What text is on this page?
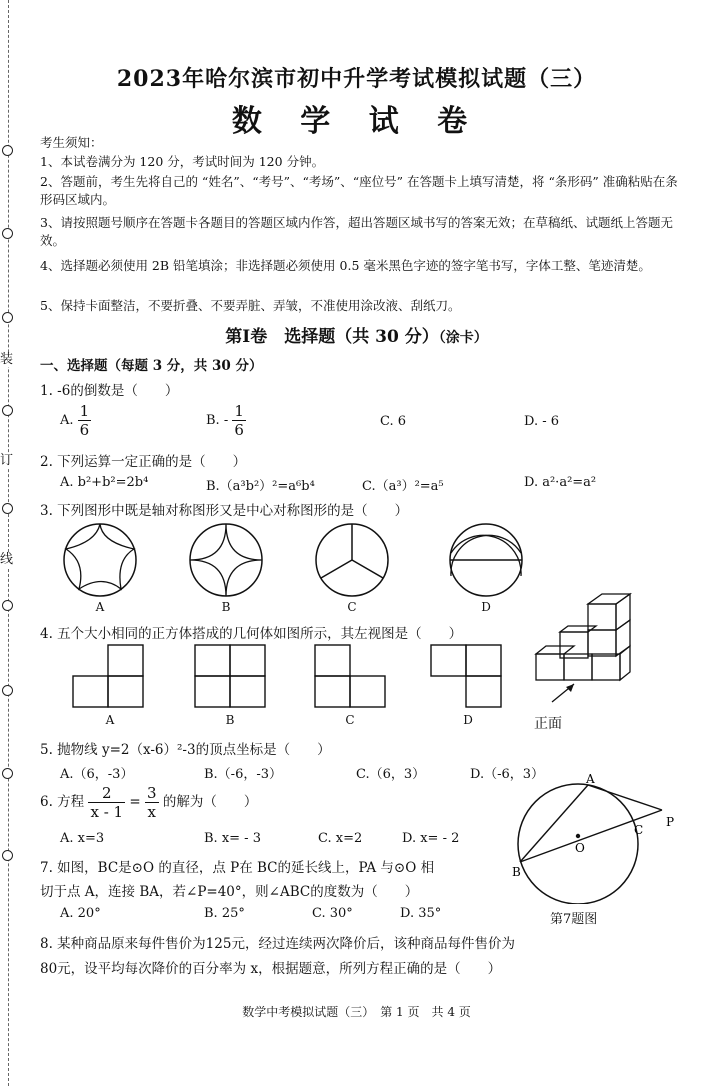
装
订
线
2023年哈尔滨市初中升学考试模拟试题（三）
数 学 试 卷
考生须知：
1、本试卷满分为 120 分，考试时间为 120 分钟。
2、答题前，考生先将自己的 “姓名”、“考号”、“考场”、“座位号” 在答题卡上填写清楚，将 “条形码” 准确粘贴在条形码区域内。
3、请按照题号顺序在答题卡各题目的答题区域内作答，超出答题区域书写的答案无效；在草稿纸、试题纸上答题无效。
4、选择题必须使用 2B 铅笔填涂；非选择题必须使用 0.5 毫米黑色字迹的签字笔书写，字体工整、笔迹清楚。
5、保持卡面整洁，不要折叠、不要弄脏、弄皱，不准使用涂改液、刮纸刀。
第Ⅰ卷　选择题（共 30 分）（涂卡）
一、选择题（每题 3 分，共 30 分）
1. -6的倒数是（　　）
A. $\frac{1}{6}$	B. - $\frac{1}{6}$	C. 6	D. - 6
2. 下列运算一定正确的是（　　）
A. b²+b²=2b⁴	B.（a³b²）²=a⁶b⁴	C.（a³）²=a⁵	D. a²·a²=a²
3. 下列图形中既是轴对称图形又是中心对称图形的是（　　）
A	B	C	D
4. 五个大小相同的正方体搭成的几何体如图所示，其左视图是（　　）
A	B	C	D	正面
5. 抛物线 y=2（x-6）²-3的顶点坐标是（　　）
A.（6，-3）	B.（-6，-3）	C.（6，3）	D.（-6，3）
6. 方程 $\frac{2}{x - 1} = \frac{3}{x}$ 的解为（　　）
A. x=3	B. x= - 3	C. x=2	D. x= - 2
7. 如图，BC是⊙O 的直径，点 P在 BC的延长线上，PA 与⊙O 相
切于点 A，连接 BA，若∠P=40°，则∠ABC的度数为（　　）
A. 20°	B. 25°	C. 30°	D. 35°
A
B
C
O
P
第7题图
8. 某种商品原来每件售价为125元，经过连续两次降价后，该种商品每件售价为
80元，设平均每次降价的百分率为 x，根据题意，所列方程正确的是（　　）
数学中考模拟试题（三）　第 1 页　共 4 页
